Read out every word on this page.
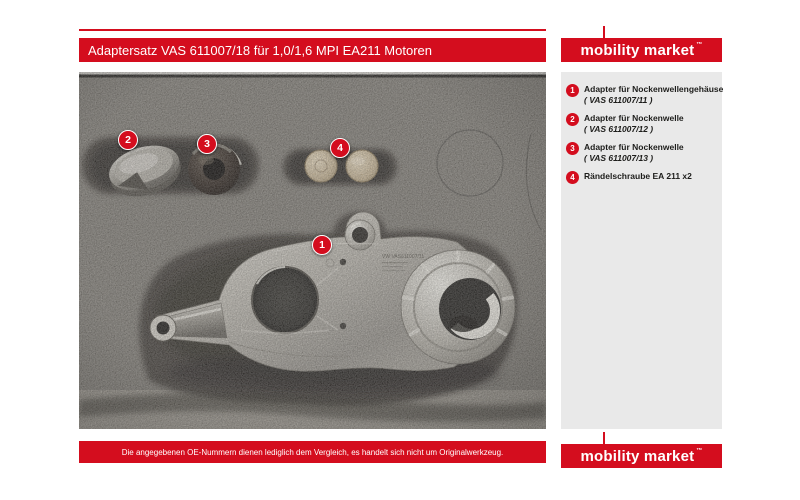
Adaptersatz VAS 611007/18 für 1,0/1,6 MPI EA211 Motoren	mobility market ™
1
2	3	4
1	Adapter für Nockenwellengehäuse
( VAS 611007/11 )
2	Adapter für Nockenwelle
( VAS 611007/12 )
3	Adapter für Nockenwelle
( VAS 611007/13 )
4	Rändelschraube EA 211 x2
Die angegebenen OE-Nummern dienen lediglich dem Vergleich, es handelt sich nicht um Originalwerkzeug.	mobility market ™
